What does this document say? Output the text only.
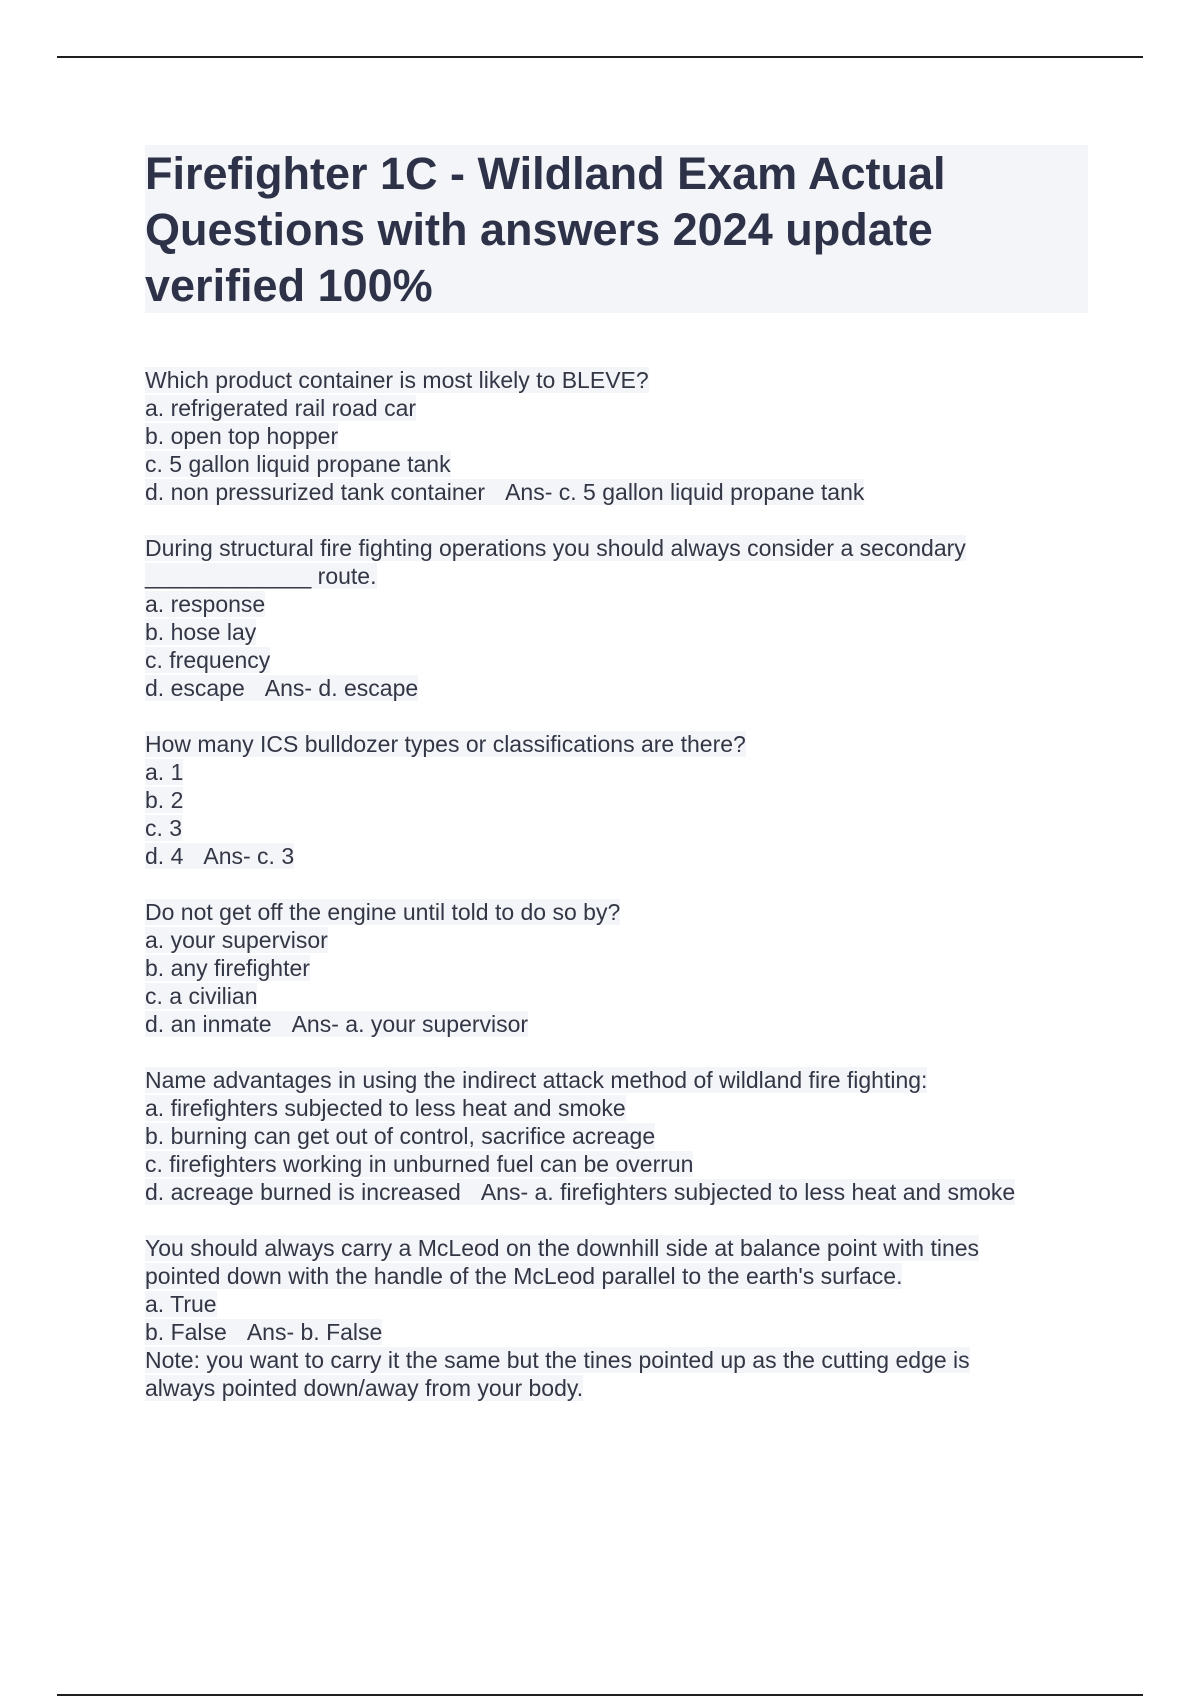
Firefighter 1C - Wildland Exam Actual
Questions with answers 2024 update
verified 100%
Which product container is most likely to BLEVE?
a. refrigerated rail road car
b. open top hopper
c. 5 gallon liquid propane tank
d. non pressurized tank container Ans- c. 5 gallon liquid propane tank
During structural fire fighting operations you should always consider a secondary
_____________ route.
a. response
b. hose lay
c. frequency
d. escape Ans- d. escape
How many ICS bulldozer types or classifications are there?
a. 1
b. 2
c. 3
d. 4 Ans- c. 3
Do not get off the engine until told to do so by?
a. your supervisor
b. any firefighter
c. a civilian
d. an inmate Ans- a. your supervisor
Name advantages in using the indirect attack method of wildland fire fighting:
a. firefighters subjected to less heat and smoke
b. burning can get out of control, sacrifice acreage
c. firefighters working in unburned fuel can be overrun
d. acreage burned is increased Ans- a. firefighters subjected to less heat and smoke
You should always carry a McLeod on the downhill side at balance point with tines
pointed down with the handle of the McLeod parallel to the earth's surface.
a. True
b. False Ans- b. False
Note: you want to carry it the same but the tines pointed up as the cutting edge is
always pointed down/away from your body.
